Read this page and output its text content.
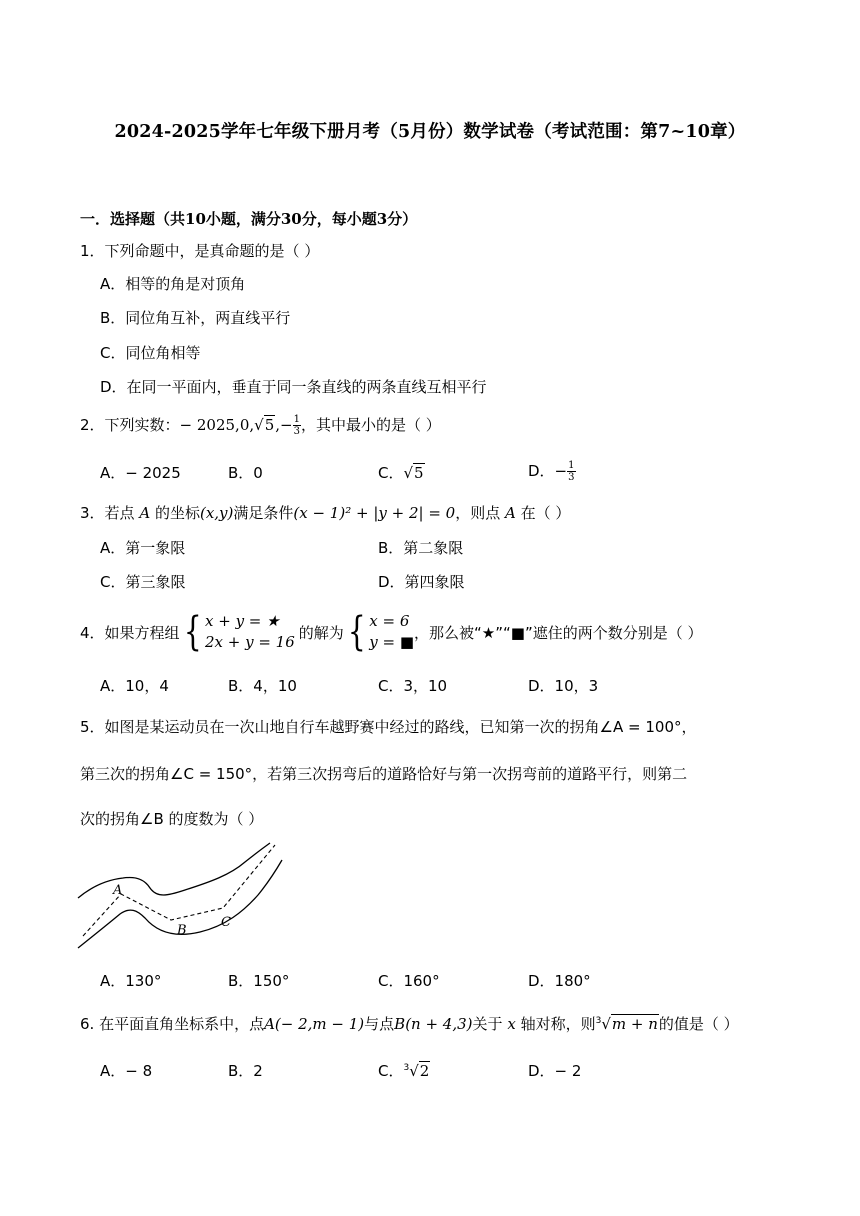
2024-2025学年七年级下册月考（5月份）数学试卷（考试范围：第7~10章）
一．选择题（共10小题，满分30分，每小题3分）
1．下列命题中，是真命题的是（ ）
A．相等的角是对顶角
B．同位角互补，两直线平行
C．同位角相等
D．在同一平面内，垂直于同一条直线的两条直线互相平行
2．下列实数：− $2025,0,√5,- \frac{1}{3}$ ，其中最小的是（ ）
A．− 2025	B．0	C．√5	D．− $\frac{1}{3}$
3．若点 A 的坐标(x,y)满足条件(x − 1)² + |y + 2| = 0，则点 A 在（ ）
A．第一象限	B．第二象限
C．第三象限	D．第四象限
4．如果方程组 { x + y = ★
2x + y = 16
的解为 { x = 6
y = ■
，那么被“★”“■”遮住的两个数分别是（ ）
A．10，4	B．4，10	C．3，10	D．10，3
5．如图是某运动员在一次山地自行车越野赛中经过的路线，已知第一次的拐角∠A = 100°，
第三次的拐角∠C = 150°，若第三次拐弯后的道路恰好与第一次拐弯前的道路平行，则第二
次的拐角∠B 的度数为（ ）
A
B
C
A．130°	B．150°	C．160°	D．180°
6. 在平面直角坐标系中，点A(− 2,m − 1)与点B(n + 4,3)关于 x 轴对称，则$^3$√m + n的值是（ ）
A．− 8	B．2	C．$^3$√2	D．− 2
